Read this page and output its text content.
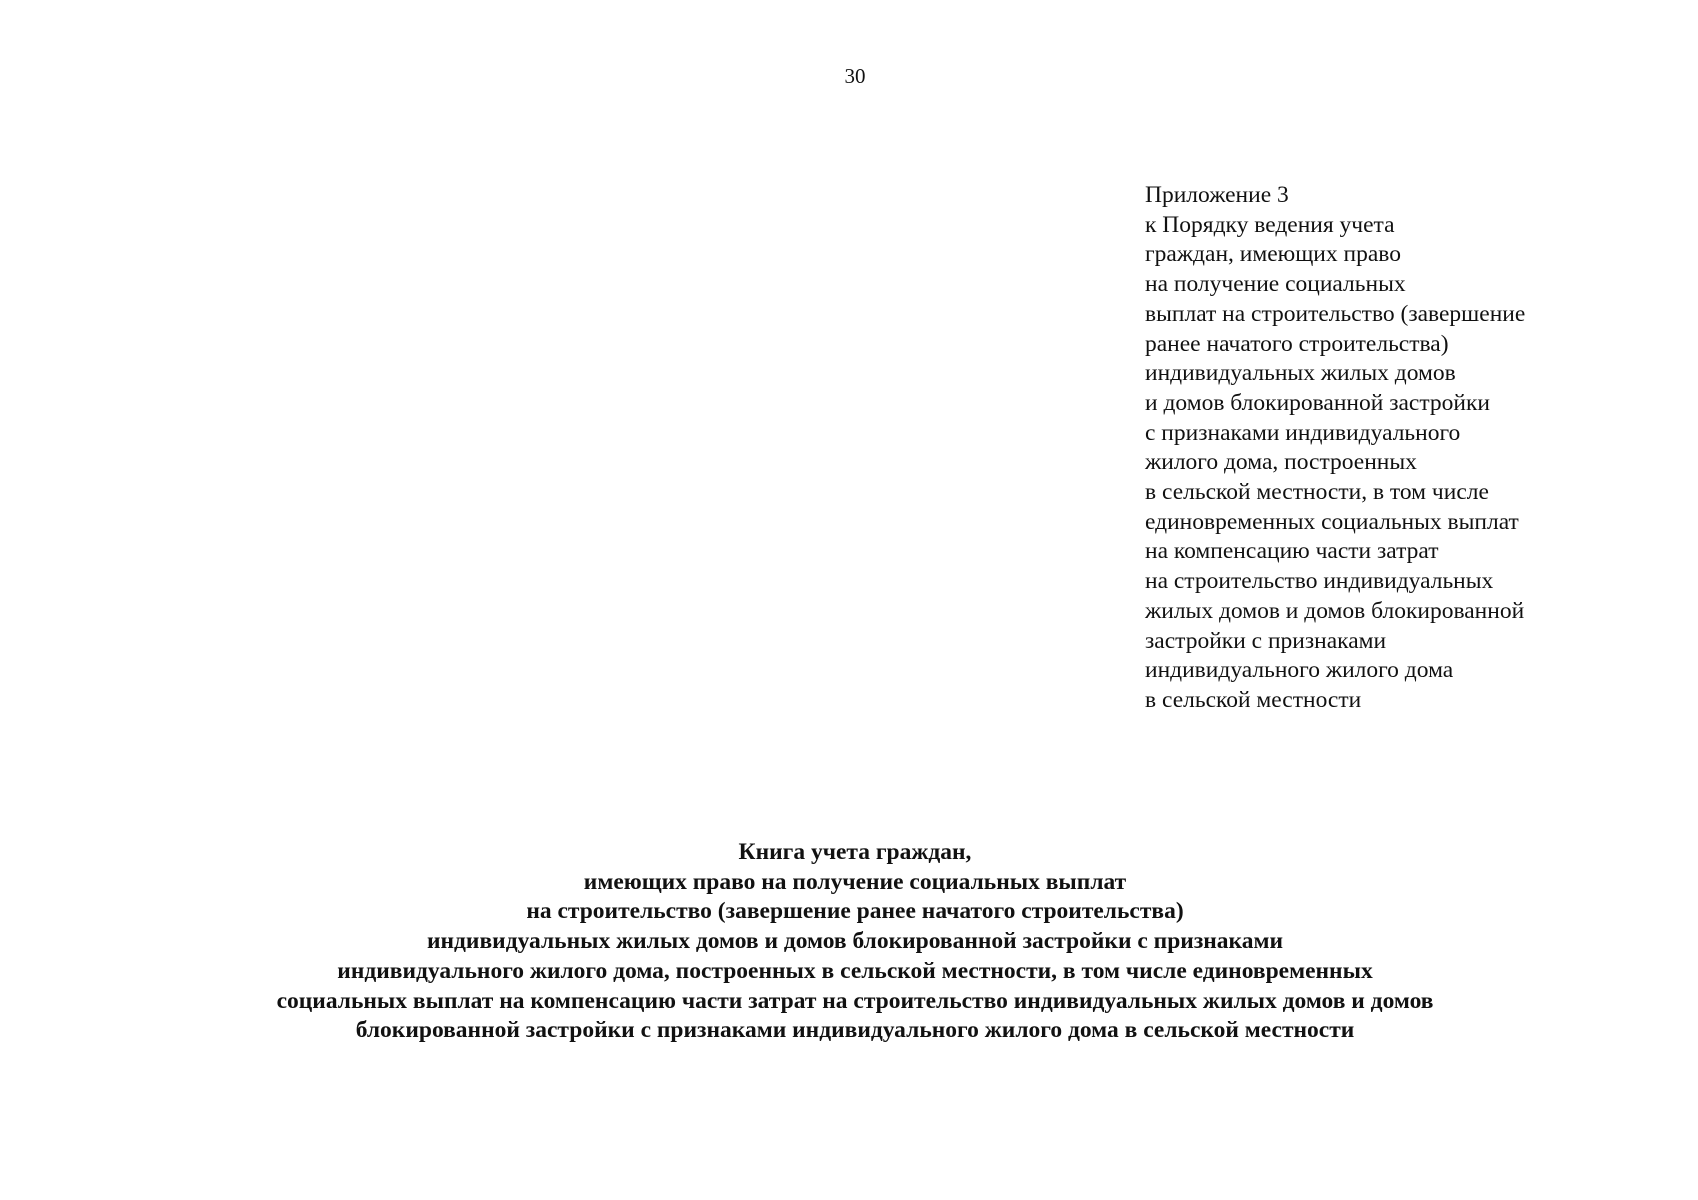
30
Приложение 3
к Порядку ведения учета
граждан, имеющих право
на получение социальных
выплат на строительство (завершение
ранее начатого строительства)
индивидуальных жилых домов
и домов блокированной застройки
с признаками индивидуального
жилого дома, построенных
в сельской местности, в том числе
единовременных социальных выплат
на компенсацию части затрат
на строительство индивидуальных
жилых домов и домов блокированной
застройки с признаками
индивидуального жилого дома
в сельской местности
Книга учета граждан,
имеющих право на получение социальных выплат
на строительство (завершение ранее начатого строительства)
индивидуальных жилых домов и домов блокированной застройки с признаками
индивидуального жилого дома, построенных в сельской местности, в том числе единовременных
социальных выплат на компенсацию части затрат на строительство индивидуальных жилых домов и домов
блокированной застройки с признаками индивидуального жилого дома в сельской местности
